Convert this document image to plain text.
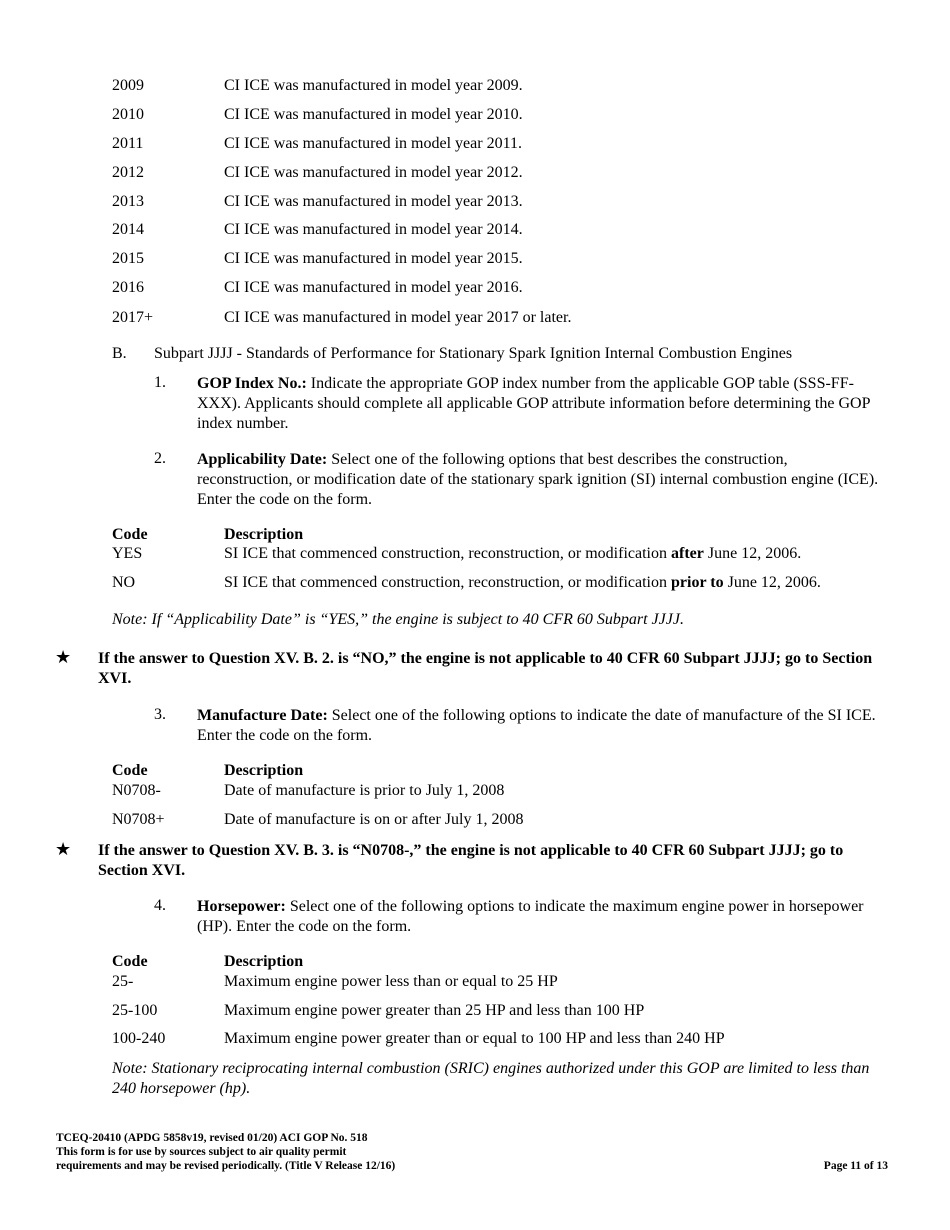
2009	CI ICE was manufactured in model year 2009.
2010	CI ICE was manufactured in model year 2010.
2011	CI ICE was manufactured in model year 2011.
2012	CI ICE was manufactured in model year 2012.
2013	CI ICE was manufactured in model year 2013.
2014	CI ICE was manufactured in model year 2014.
2015	CI ICE was manufactured in model year 2015.
2016	CI ICE was manufactured in model year 2016.
2017+	CI ICE was manufactured in model year 2017 or later.
B. Subpart JJJJ - Standards of Performance for Stationary Spark Ignition Internal Combustion Engines
1. GOP Index No.: Indicate the appropriate GOP index number from the applicable GOP table (SSS-FF-XXX). Applicants should complete all applicable GOP attribute information before determining the GOP index number.
2. Applicability Date: Select one of the following options that best describes the construction, reconstruction, or modification date of the stationary spark ignition (SI) internal combustion engine (ICE). Enter the code on the form.
Code	Description
YES	SI ICE that commenced construction, reconstruction, or modification after June 12, 2006.
NO	SI ICE that commenced construction, reconstruction, or modification prior to June 12, 2006.
Note: If “Applicability Date” is “YES,” the engine is subject to 40 CFR 60 Subpart JJJJ.
★ If the answer to Question XV. B. 2. is “NO,” the engine is not applicable to 40 CFR 60 Subpart JJJJ; go to Section XVI.
3. Manufacture Date: Select one of the following options to indicate the date of manufacture of the SI ICE. Enter the code on the form.
Code	Description
N0708-	Date of manufacture is prior to July 1, 2008
N0708+	Date of manufacture is on or after July 1, 2008
★ If the answer to Question XV. B. 3. is “N0708-,” the engine is not applicable to 40 CFR 60 Subpart JJJJ; go to Section XVI.
4. Horsepower: Select one of the following options to indicate the maximum engine power in horsepower (HP). Enter the code on the form.
Code	Description
25-	Maximum engine power less than or equal to 25 HP
25-100	Maximum engine power greater than 25 HP and less than 100 HP
100-240	Maximum engine power greater than or equal to 100 HP and less than 240 HP
Note: Stationary reciprocating internal combustion (SRIC) engines authorized under this GOP are limited to less than 240 horsepower (hp).
TCEQ-20410 (APDG 5858v19, revised 01/20) ACI GOP No. 518
This form is for use by sources subject to air quality permit
requirements and may be revised periodically. (Title V Release 12/16)	Page 11 of 13
